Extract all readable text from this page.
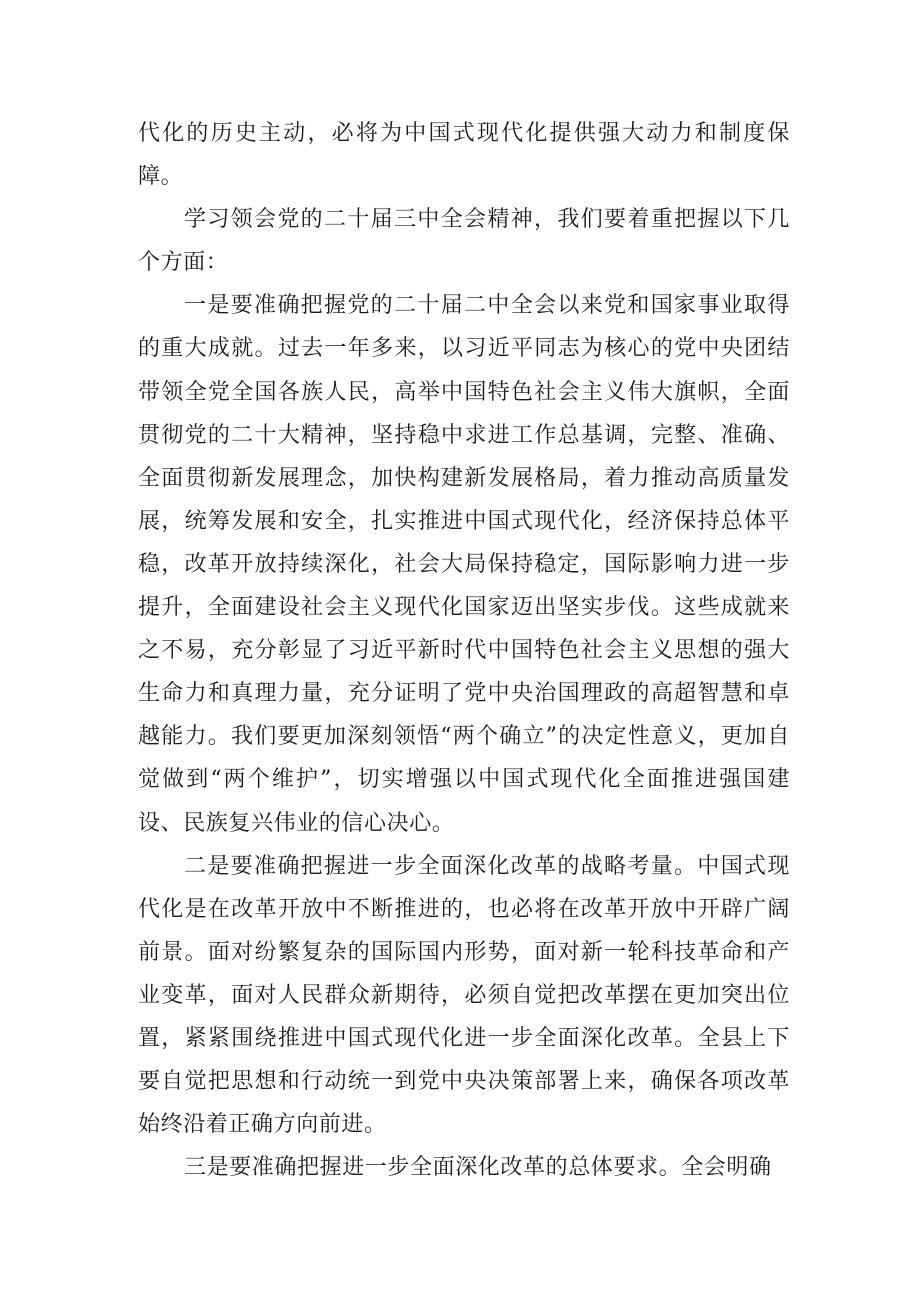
代化的历史主动，必将为中国式现代化提供强大动力和制度保障。

学习领会党的二十届三中全会精神，我们要着重把握以下几个方面：

一是要准确把握党的二十届二中全会以来党和国家事业取得的重大成就。过去一年多来，以习近平同志为核心的党中央团结带领全党全国各族人民，高举中国特色社会主义伟大旗帜，全面贯彻党的二十大精神，坚持稳中求进工作总基调，完整、准确、全面贯彻新发展理念，加快构建新发展格局，着力推动高质量发展，统筹发展和安全，扎实推进中国式现代化，经济保持总体平稳，改革开放持续深化，社会大局保持稳定，国际影响力进一步提升，全面建设社会主义现代化国家迈出坚实步伐。这些成就来之不易，充分彰显了习近平新时代中国特色社会主义思想的强大生命力和真理力量，充分证明了党中央治国理政的高超智慧和卓越能力。我们要更加深刻领悟“两个确立”的决定性意义，更加自觉做到“两个维护”，切实增强以中国式现代化全面推进强国建设、民族复兴伟业的信心决心。

二是要准确把握进一步全面深化改革的战略考量。中国式现代化是在改革开放中不断推进的，也必将在改革开放中开辟广阔前景。面对纷繁复杂的国际国内形势，面对新一轮科技革命和产业变革，面对人民群众新期待，必须自觉把改革摆在更加突出位置，紧紧围绕推进中国式现代化进一步全面深化改革。全县上下要自觉把思想和行动统一到党中央决策部署上来，确保各项改革始终沿着正确方向前进。

三是要准确把握进一步全面深化改革的总体要求。全会明确
